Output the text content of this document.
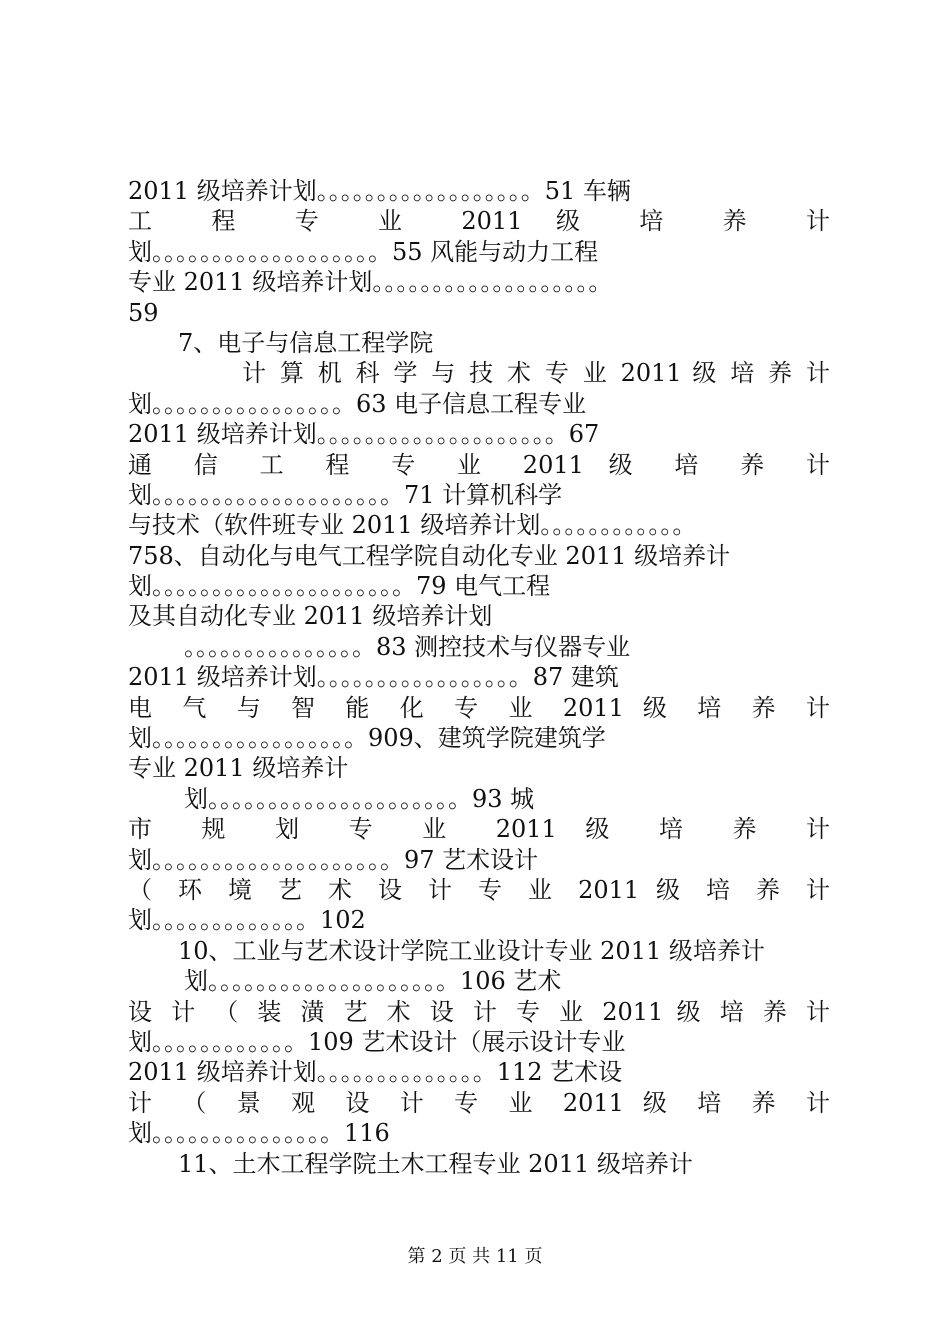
2011 级培养计划。。。。。。。。。。。。。。。。。。51 车辆
工 程 专 业 2011 级 培 养 计
划。。。。。。。。。。。。。。。。。。。55 风能与动力工程
专业 2011 级培养计划。。。。。。。。。。。。。。。。。。。
59
7、电子与信息工程学院
计 算 机 科 学 与 技 术 专 业 2011 级 培 养 计
划。。。。。。。。。。。。。。。。63 电子信息工程专业
2011 级培养计划。。。。。。。。。。。。。。。。。。。。67
通 信 工 程 专 业 2011 级 培 养 计
划。。。。。。。。。。。。。。。。。。。。71 计算机科学
与技术（软件班专业 2011 级培养计划。。。。。。。。。。。。
758、自动化与电气工程学院自动化专业 2011 级培养计
划。。。。。。。。。。。。。。。。。。。。。79 电气工程
及其自动化专业 2011 级培养计划
。。。。。。。。。。。。。。。83 测控技术与仪器专业
2011 级培养计划。。。。。。。。。。。。。。。。。87 建筑
电 气 与 智 能 化 专 业 2011 级 培 养 计
划。。。。。。。。。。。。。。。。。909、建筑学院建筑学
专业 2011 级培养计
划。。。。。。。。。。。。。。。。。。。。。93 城
市 规 划 专 业 2011 级 培 养 计
划。。。。。。。。。。。。。。。。。。。。97 艺术设计
（ 环 境 艺 术 设 计 专 业 2011 级 培 养 计
划。。。。。。。。。。。。。102
10、工业与艺术设计学院工业设计专业 2011 级培养计
划。。。。。。。。。。。。。。。。。。。。106 艺术
设 计 （ 装 潢 艺 术 设 计 专 业 2011 级 培 养 计
划。。。。。。。。。。。。109 艺术设计（展示设计专业
2011 级培养计划。。。。。。。。。。。。。。112 艺术设
计 （ 景 观 设 计 专 业 2011 级 培 养 计
划。。。。。。。。。。。。。。。116
11、土木工程学院土木工程专业 2011 级培养计
第 2 页 共 11 页
